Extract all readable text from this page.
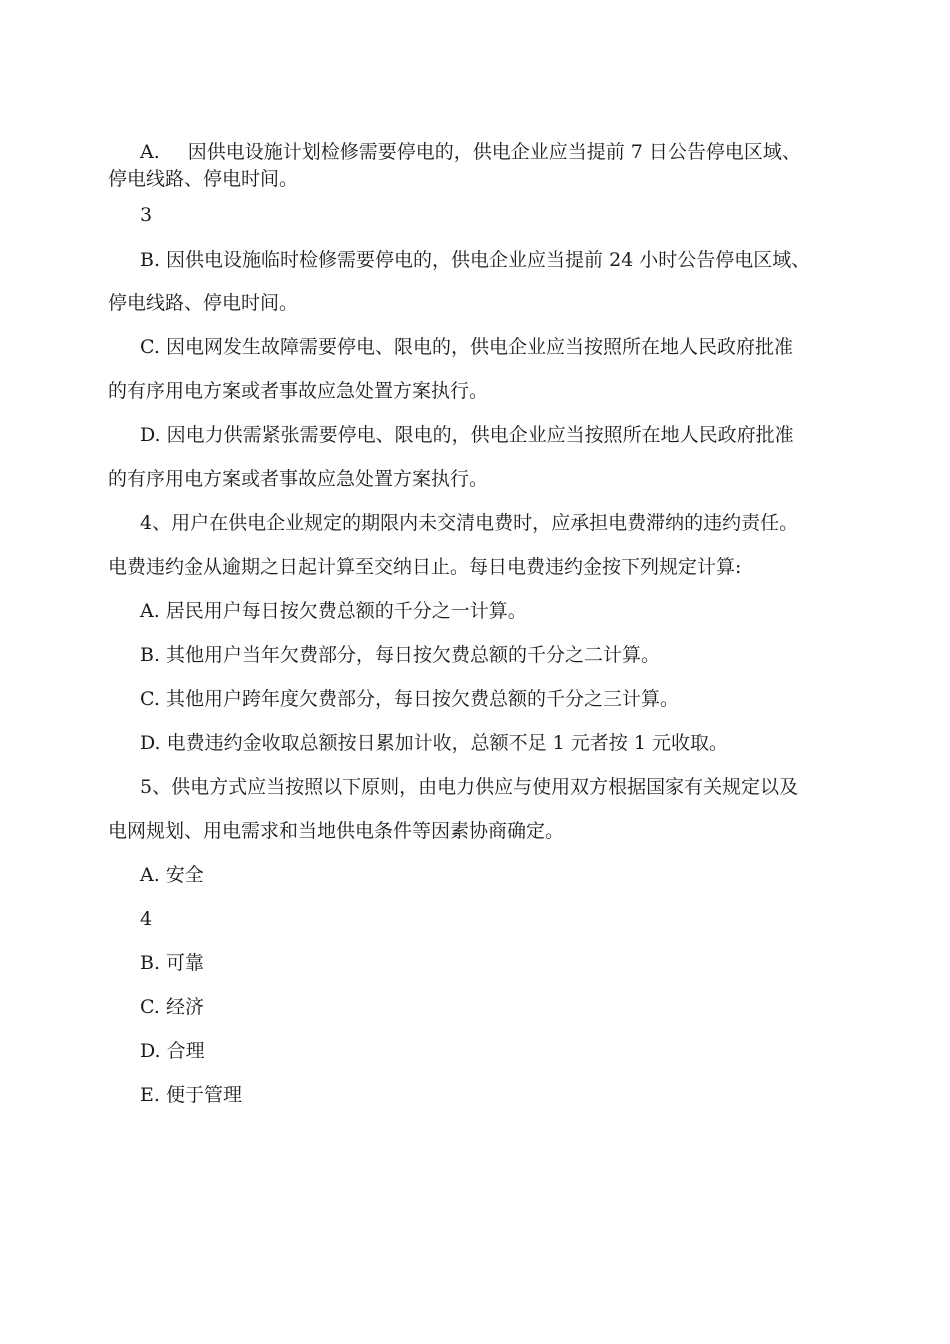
A. 因供电设施计划检修需要停电的，供电企业应当提前 7 日公告停电区域、
停电线路、停电时间。
3
B. 因供电设施临时检修需要停电的，供电企业应当提前 24 小时公告停电区域、
停电线路、停电时间。
C. 因电网发生故障需要停电、限电的，供电企业应当按照所在地人民政府批准
的有序用电方案或者事故应急处置方案执行。
D. 因电力供需紧张需要停电、限电的，供电企业应当按照所在地人民政府批准
的有序用电方案或者事故应急处置方案执行。
4、用户在供电企业规定的期限内未交清电费时，应承担电费滞纳的违约责任。
电费违约金从逾期之日起计算至交纳日止。每日电费违约金按下列规定计算:
A. 居民用户每日按欠费总额的千分之一计算。
B. 其他用户当年欠费部分，每日按欠费总额的千分之二计算。
C. 其他用户跨年度欠费部分，每日按欠费总额的千分之三计算。
D. 电费违约金收取总额按日累加计收，总额不足 1 元者按 1 元收取。
5、供电方式应当按照以下原则，由电力供应与使用双方根据国家有关规定以及
电网规划、用电需求和当地供电条件等因素协商确定。
A. 安全
4
B. 可靠
C. 经济
D. 合理
E. 便于管理
